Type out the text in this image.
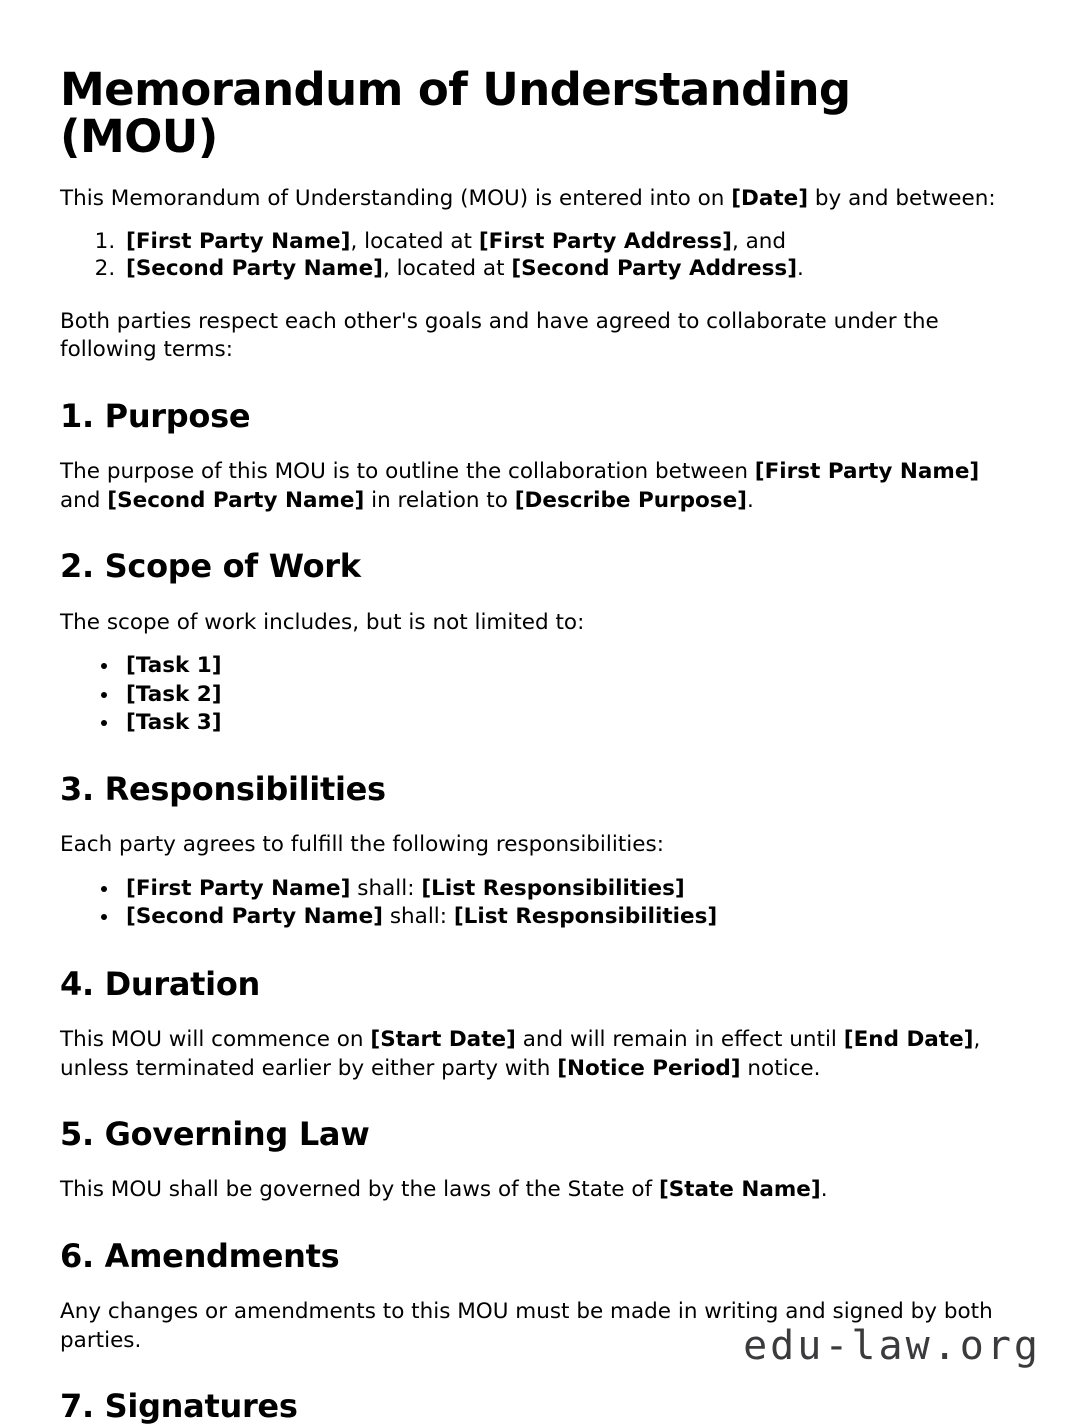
Memorandum of Understanding (MOU)

This Memorandum of Understanding (MOU) is entered into on [Date] by and between:

1. [First Party Name], located at [First Party Address], and
2. [Second Party Name], located at [Second Party Address].

Both parties respect each other's goals and have agreed to collaborate under the following terms:

1. Purpose

The purpose of this MOU is to outline the collaboration between [First Party Name] and [Second Party Name] in relation to [Describe Purpose].

2. Scope of Work

The scope of work includes, but is not limited to:

• [Task 1]
• [Task 2]
• [Task 3]
3. Responsibilities

Each party agrees to fulfill the following responsibilities:

• [First Party Name] shall: [List Responsibilities]
• [Second Party Name] shall: [List Responsibilities]
4. Duration

This MOU will commence on [Start Date] and will remain in effect until [End Date], unless terminated earlier by either party with [Notice Period] notice.

5. Governing Law

This MOU shall be governed by the laws of the State of [State Name].

6. Amendments

Any changes or amendments to this MOU must be made in writing and signed by both parties.

7. Signatures
edu-law.org
